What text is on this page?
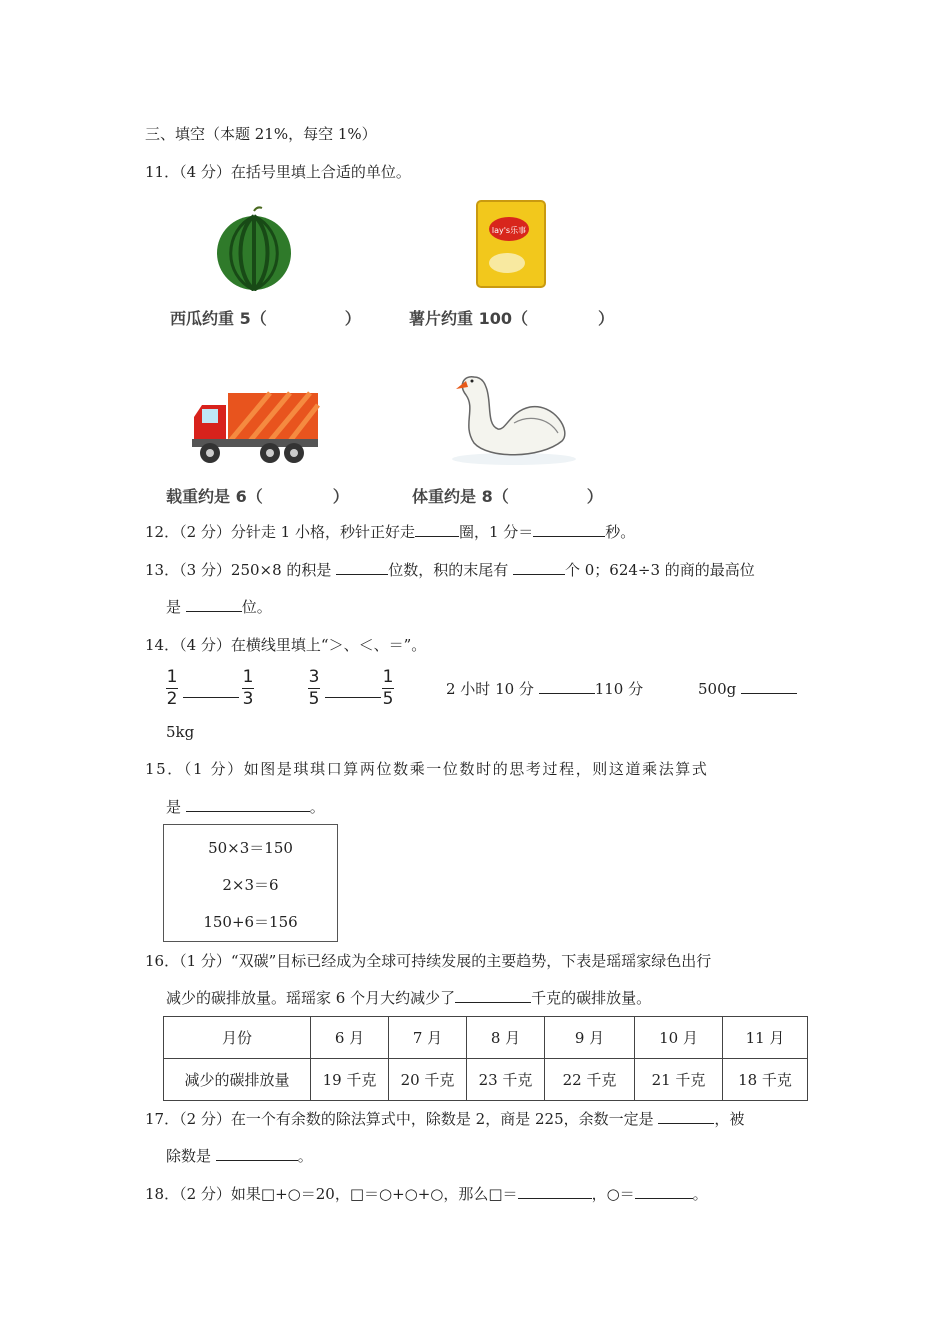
三、填空（本题 21%，每空 1%）
11．（4 分）在括号里填上合适的单位。
西瓜约重 5（	）
lay's乐事
薯片约重 100（	）
载重约是 6（	）	体重约是 8（	）
12．（2 分）分针走 1 小格，秒针正好走	圈，1 分＝	秒。
13．（3 分）250×8 的积是	位数，积的末尾有	个 0；624÷3 的商的最高位
是	位。
14．（4 分）在横线里填上“＞、＜、＝”。
1
2
1
3
3
5
1
5	2 小时 10 分	110 分	500g
5kg
15．（1 分）如图是琪琪口算两位数乘一位数时的思考过程，则这道乘法算式
是	。
50×3＝150
2×3＝6
150+6＝156
16．（1 分）“双碳”目标已经成为全球可持续发展的主要趋势，下表是瑶瑶家绿色出行
减少的碳排放量。瑶瑶家 6 个月大约减少了	千克的碳排放量。
月份	6 月	7 月	8 月	9 月	10 月	11 月
减少的碳排放量	19 千克	20 千克	23 千克	22 千克	21 千克	18 千克
17．（2 分）在一个有余数的除法算式中，除数是 2，商是 225，余数一定是	，被
除数是	。
18．（2 分）如果□+○＝20，□＝○+○+○，那么□＝	，○＝	。
